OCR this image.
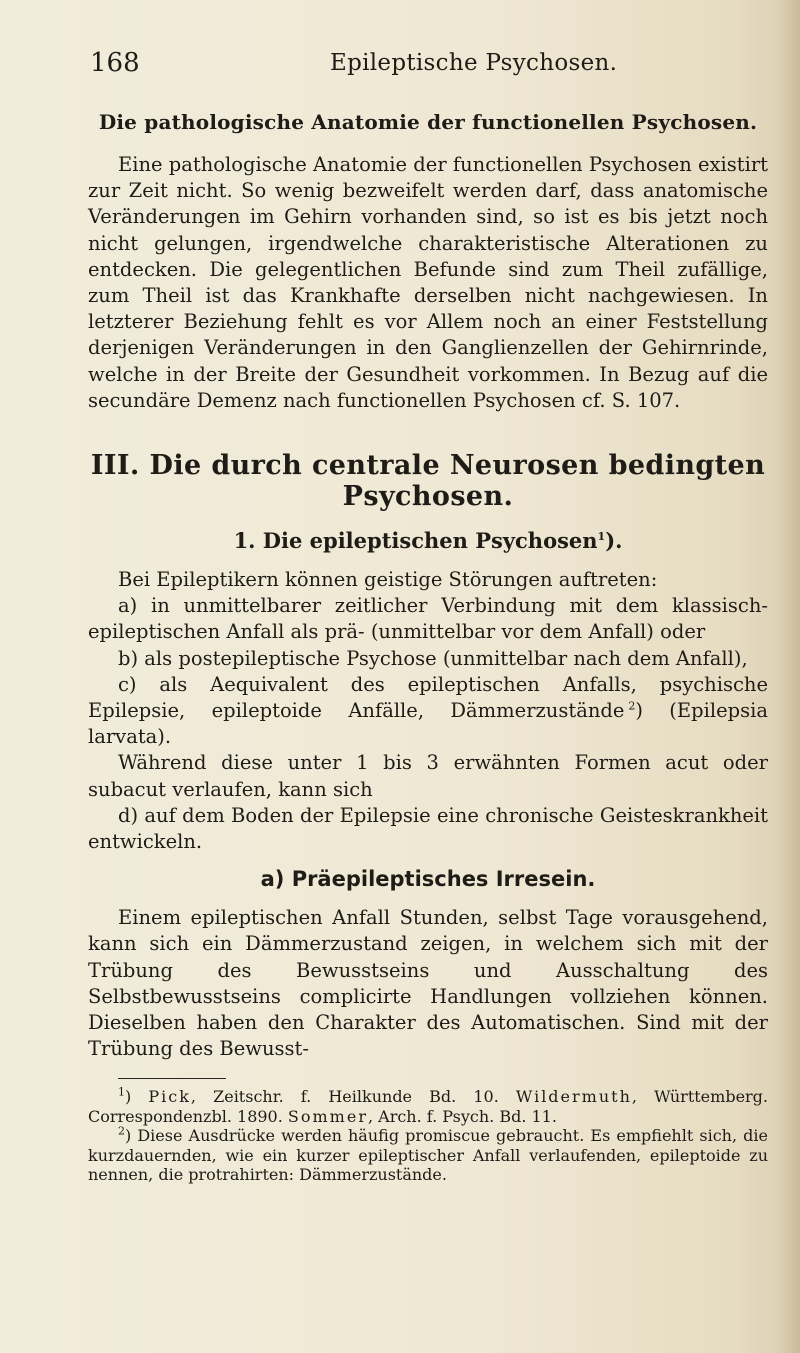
168	Epileptische Psychosen.
Die pathologische Anatomie der functionellen Psychosen.

Eine pathologische Anatomie der functionellen Psychosen existirt zur Zeit nicht. So wenig bezweifelt werden darf, dass anatomische Veränderungen im Gehirn vorhanden sind, so ist es bis jetzt noch nicht gelungen, irgendwelche charakteristische Alterationen zu entdecken. Die gelegentlichen Befunde sind zum Theil zufällige, zum Theil ist das Krankhafte derselben nicht nachgewiesen. In letzterer Beziehung fehlt es vor Allem noch an einer Feststellung derjenigen Veränderungen in den Ganglienzellen der Gehirnrinde, welche in der Breite der Gesundheit vorkommen. In Bezug auf die secundäre Demenz nach functionellen Psychosen cf. S. 107.

III. Die durch centrale Neurosen bedingten Psychosen.
1. Die epileptischen Psychosen$^1$).

Bei Epileptikern können geistige Störungen auftreten:

a) in unmittelbarer zeitlicher Verbindung mit dem klassisch-epileptischen Anfall als prä- (unmittelbar vor dem Anfall) oder

b) als postepileptische Psychose (unmittelbar nach dem Anfall),

c) als Aequivalent des epileptischen Anfalls, psychische Epilepsie, epileptoide Anfälle, Dämmerzustände  $^2$) (Epilepsia larvata).

Während diese unter 1 bis 3 erwähnten Formen acut oder subacut verlaufen, kann sich

d) auf dem Boden der Epilepsie eine chronische Geisteskrankheit entwickeln.

a) Präepileptisches Irresein.

Einem epileptischen Anfall Stunden, selbst Tage vorausgehend, kann sich ein Dämmerzustand zeigen, in welchem sich mit der Trübung des Bewusstseins und Ausschaltung des Selbstbewusstseins complicirte Handlungen vollziehen können. Dieselben haben den Charakter des Automatischen. Sind mit der Trübung des Bewusst-

$^1$) Pick, Zeitschr. f. Heilkunde Bd. 10. Wildermuth, Württemberg. Correspondenzbl. 1890. Sommer, Arch. f. Psych. Bd. 11.

$^2$) Diese Ausdrücke werden häufig promiscue gebraucht. Es empfiehlt sich, die kurzdauernden, wie ein kurzer epileptischer Anfall verlaufenden, epileptoide zu nennen, die protrahirten: Dämmerzustände.
